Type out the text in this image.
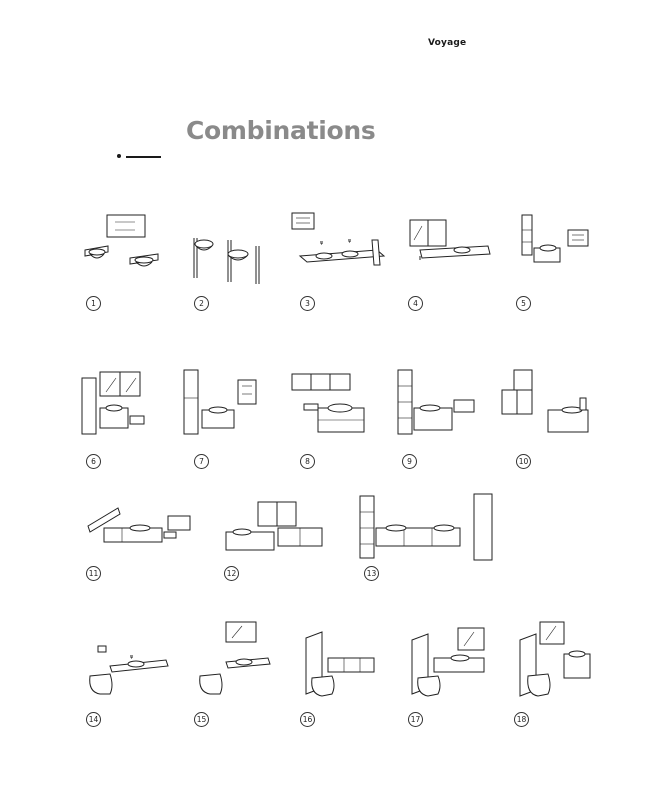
Voyage
Combinations
1	2
ψ	ψ
3	4	5
6	7	8	9	10
11	12	13
ψ
14	15	16	17	18
